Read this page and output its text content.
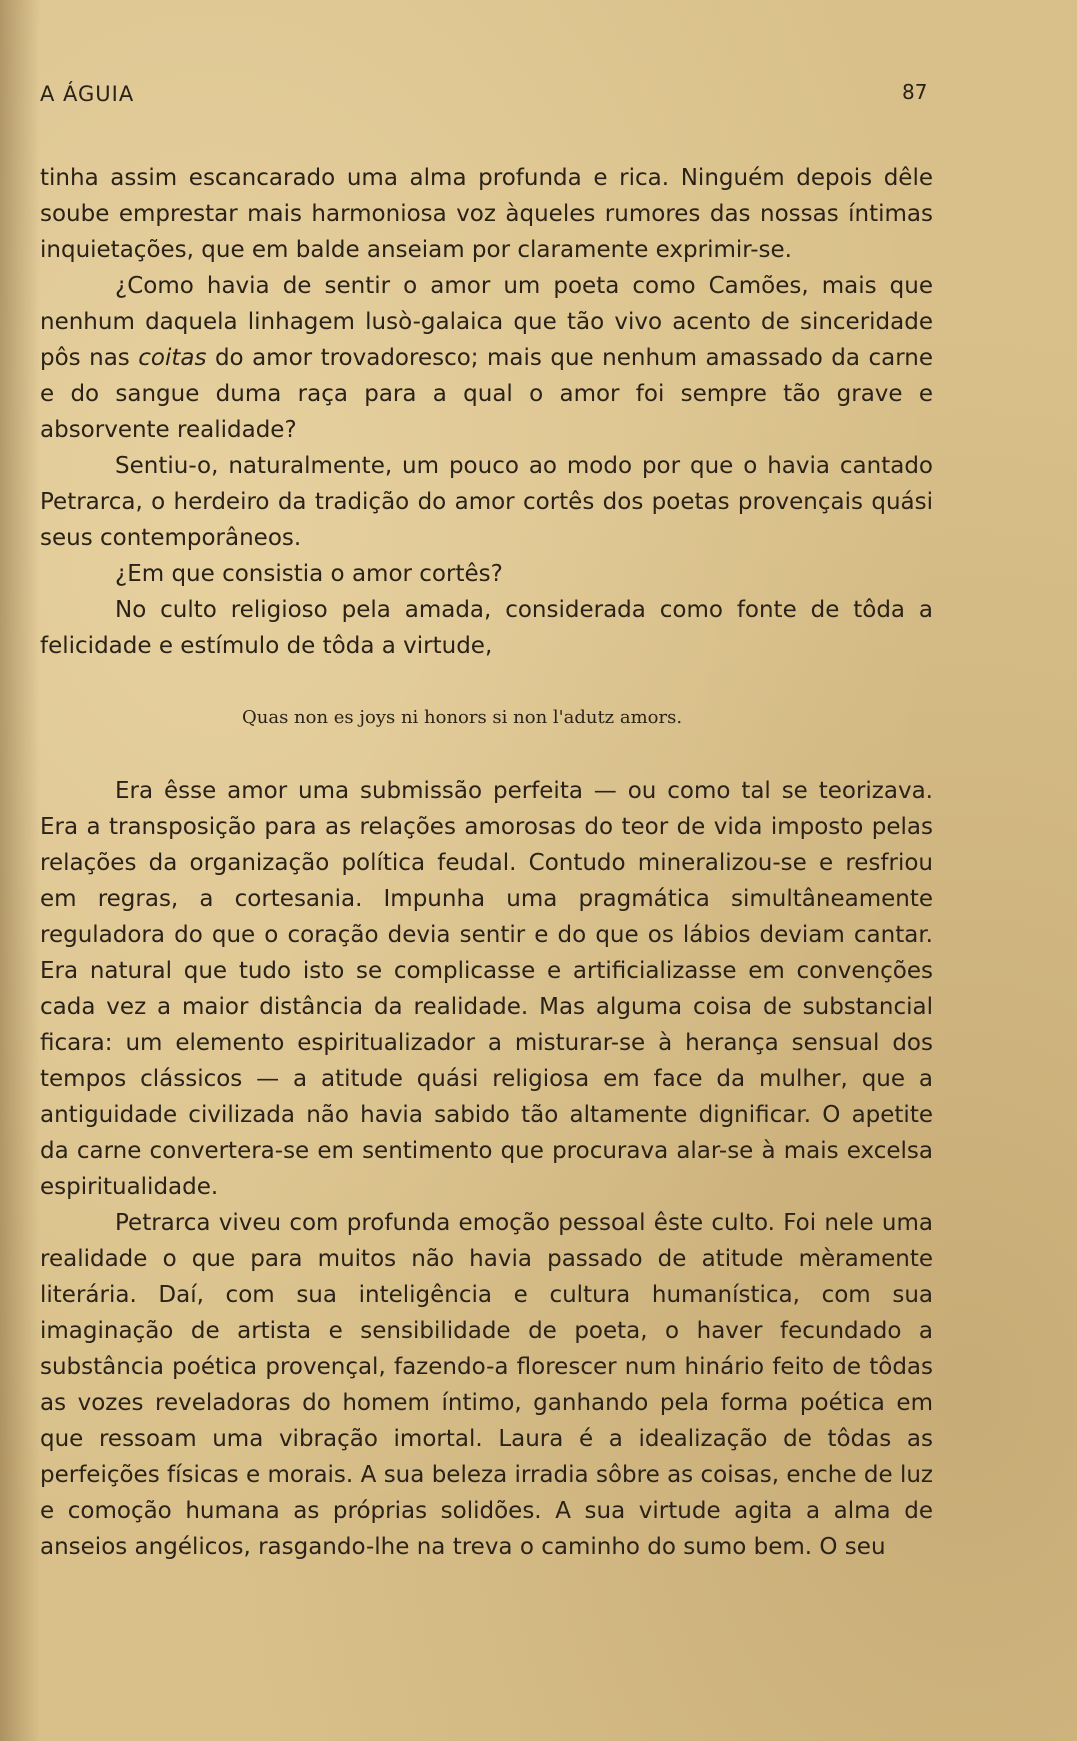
A ÁGUIA	87

tinha assim escancarado uma alma profunda e rica. Ninguém depois dêle soube emprestar mais harmoniosa voz àqueles rumores das nossas íntimas inquietações, que em balde anseiam por claramente exprimir-se.

¿Como havia de sentir o amor um poeta como Camões, mais que nenhum daquela linhagem lusò-galaica que tão vivo acento de sinceridade pôs nas coitas do amor trovadoresco; mais que nenhum amassado da carne e do sangue duma raça para a qual o amor foi sempre tão grave e absorvente realidade?

Sentiu-o, naturalmente, um pouco ao modo por que o havia cantado Petrarca, o herdeiro da tradição do amor cortês dos poetas provençais quási seus contemporâneos.

¿Em que consistia o amor cortês?

No culto religioso pela amada, considerada como fonte de tôda a felicidade e estímulo de tôda a virtude,

Quas non es joys ni honors si non l'adutz amors.

Era êsse amor uma submissão perfeita — ou como tal se teorizava. Era a transposição para as relações amorosas do teor de vida imposto pelas relações da organização política feudal. Contudo mineralizou-se e resfriou em regras, a cortesania. Impunha uma pragmática simultâneamente reguladora do que o coração devia sentir e do que os lábios deviam cantar. Era natural que tudo isto se complicasse e artificializasse em convenções cada vez a maior distância da realidade. Mas alguma coisa de substancial ficara: um elemento espiritualizador a misturar-se à herança sensual dos tempos clássicos — a atitude quási religiosa em face da mulher, que a antiguidade civilizada não havia sabido tão altamente dignificar. O apetite da carne convertera-se em sentimento que procurava alar-se à mais excelsa espiritualidade.

Petrarca viveu com profunda emoção pessoal êste culto. Foi nele uma realidade o que para muitos não havia passado de atitude mèramente literária. Daí, com sua inteligência e cultura humanística, com sua imaginação de artista e sensibilidade de poeta, o haver fecundado a substância poética provençal, fazendo-a florescer num hinário feito de tôdas as vozes reveladoras do homem íntimo, ganhando pela forma poética em que ressoam uma vibração imortal. Laura é a idealização de tôdas as perfeições físicas e morais. A sua beleza irradia sôbre as coisas, enche de luz e comoção humana as próprias solidões. A sua virtude agita a alma de anseios angélicos, rasgando-lhe na treva o caminho do sumo bem. O seu
